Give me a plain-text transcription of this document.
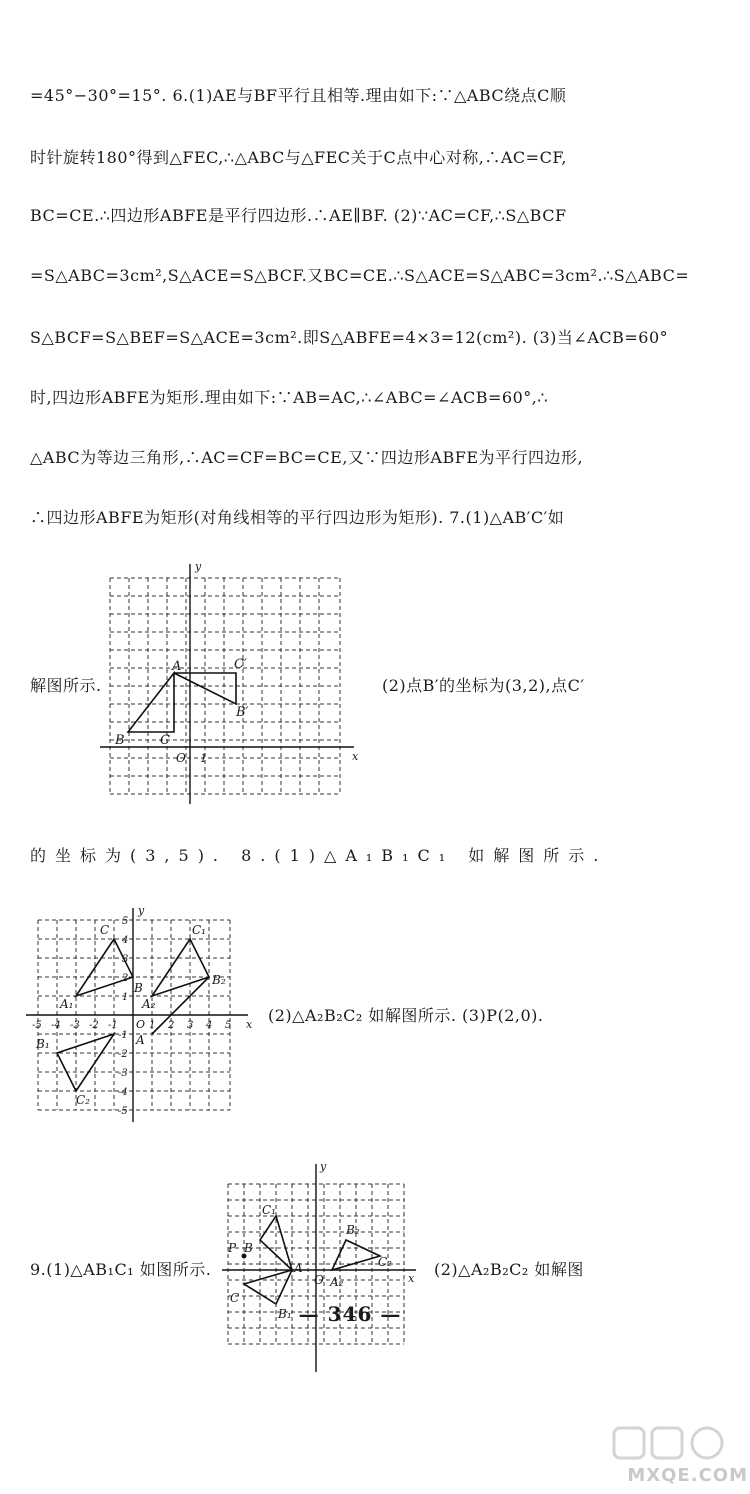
=45°−30°=15°. 6.(1)AE与BF平行且相等.理由如下:∵△ABC绕点C顺
时针旋转180°得到△FEC,∴△ABC与△FEC关于C点中心对称,∴AC=CF,
BC=CE.∴四边形ABFE是平行四边形.∴AE∥BF. (2)∵AC=CF,∴S△BCF
=S△ABC=3cm²,S△ACE=S△BCF.又BC=CE.∴S△ACE=S△ABC=3cm².∴S△ABC=
S△BCF=S△BEF=S△ACE=3cm².即S△ABFE=4×3=12(cm²). (3)当∠ACB=60°
时,四边形ABFE为矩形.理由如下:∵AB=AC,∴∠ABC=∠ACB=60°,∴
△ABC为等边三角形,∴AC=CF=BC=CE,又∵四边形ABFE为平行四边形,
∴四边形ABFE为矩形(对角线相等的平行四边形为矩形). 7.(1)△AB′C′如
解图所示.	(2)点B′的坐标为(3,2),点C′
的坐标为(3,5). 8.(1)△A₁B₁C₁ 如解图所示.
(2)△A₂B₂C₂ 如解图所示. (3)P(2,0).
9.(1)△AB₁C₁ 如图所示.	(2)△A₂B₂C₂ 如解图
y
x
O 1
A
B	C
B′
C′
y
x
O
-5 -4 -3 -2 -1	1 2 3 4 5
5
4
3
2
1
-1
-2
-3
-4
-5
C
B
A
A₁
C₁
B₁
A₂
B₂
C₂
y
x
O
P B
C
A
C₁
B₁
A₂
B₂
C₂
— 346 —
MXQE.COM
